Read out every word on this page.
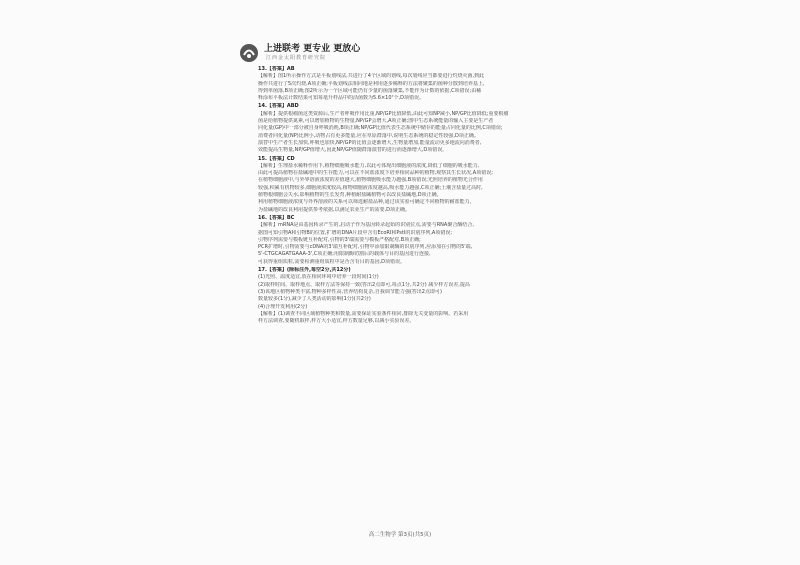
上进联考 更专业 更放心
江西金太阳教育研究院
13.【答案】AB
【解析】图1所示操作方式是平板划线法,共进行了4个区域的划线,每次划线应当都要进行灼烧灭菌,到此
操作共进行了5次灼烧,A项正确;平板划线法相同地是利用逐步稀释的方法将聚集的菌种分散到培养基上,
得到单菌落,B项正确;图2所示为一个区域可能仍有少量的菌落聚集,不能作为计数的依据,C项错误;由稀
释涂布平板法计数结果可知每毫升样品中的活菌数为5.6×10⁷个,D项错误。
14.【答案】ABD
【解析】提供根瘤菌这类资源后,生产者呼吸作用比重,NP/GP比值降低,由此可知NP减小,NP/GP比值降低;重要根瘤
菌是给植物提供氮素,可以增加植物的生物量,NP/GP会增大,A项正确;图中生态系统能量的输入主要是生产者
同化量(GP)中一部分被自身呼吸消耗,B项正确;NP/GP比值代表生态系统中储存的能量占同化量的比例,C项错误;
消费者同化量(NP)比例小,动物占有更多能量,应在草原群落中,说明生态系统的稳定性较强,D项正确。
演替中生产者生长加快,呼吸也加快,NP/GP的比值会逐渐增大,生物量增加,能量流动更多地流向消费者,
效能提高生物量,NP/GP值增大,因此NP/GP值随群落演替的进行而逐渐增大,D项错误。
15.【答案】CD
【解析】生理盐水稀释作用下,植物细胞吸水能力,以此可体现出细胞液的浓度,降低了细胞的吸水能力,
由此可提高植物在盐碱地中的生存能力,可以在不同盐浓度下培养相同品种的植物,观察其生长状况,A项错误;
在植物细胞液中,与外界溶液浓度的差值越大,植物细胞吸水能力越强,B项错误;光照培养的植物光合作用
较强,积累有机物较多,细胞液浓度较高,植物细胞液浓度越高,吸水能力越强,C项正确;土壤含盐量过高时,
植物根细胞会失水,影响植物的生长发育,种植耐盐碱植物可以改良盐碱地,D项正确。
利用植物细胞液浓度与外界溶液的关系可以筛选耐盐品种,通过该实验可确定不同植物的耐盐能力,
为盐碱地的改良利用提供参考依据,以满足农业生产的需要,D项正确。
16.【答案】BC
【解析】mRNA是由基因转录产生的,启动子作为基因转录起始的识别位点,需要与RNA聚合酶结合,
据图可知引物A和引物B的位置,扩增的DNA片段中含有EcoRⅠ和PstⅠ的识别序列,A项错误;
引物序列需要与模板链互补配对,引物的3'端需要与模板严格配对,B项正确;
PCR扩增时,引物需要与cDNA的3'端互补配对,引物中添加限制酶的识别序列,应添加在引物的5'端,
5'-CTGCAGATGAAA-3',C项正确;用限制酶切割后的载体与目的基因进行连接,
可获得重组质粒,需要检测重组质粒中是否含有目的基因,D项错误。
17.【答案】(除标注外,每空2分,共12分)
(1)光照、温度适宜,放在相同环境中培养一段时间(1分)
(2)取样时间、取样地点、取样方法等保持一致(答出2点即可,每点1分,共2分) 减少样方误差,提高
(3)该地区植物种类丰富,物种多样性高,营养结构复杂,自我调节能力强(答出2点即可)
数量较多(1分),减少了人类活动的影响(1分)(共2分)
(4)合理开发利用(2分)
【解析】(1)调查不同区域植物种类和数量,需要保证实验条件相同,排除无关变量的影响。若采用
样方法调查,要随机取样,样方大小适宜,样方数量足够,以减小实验误差。
高二生物学 第3页(共5页)
